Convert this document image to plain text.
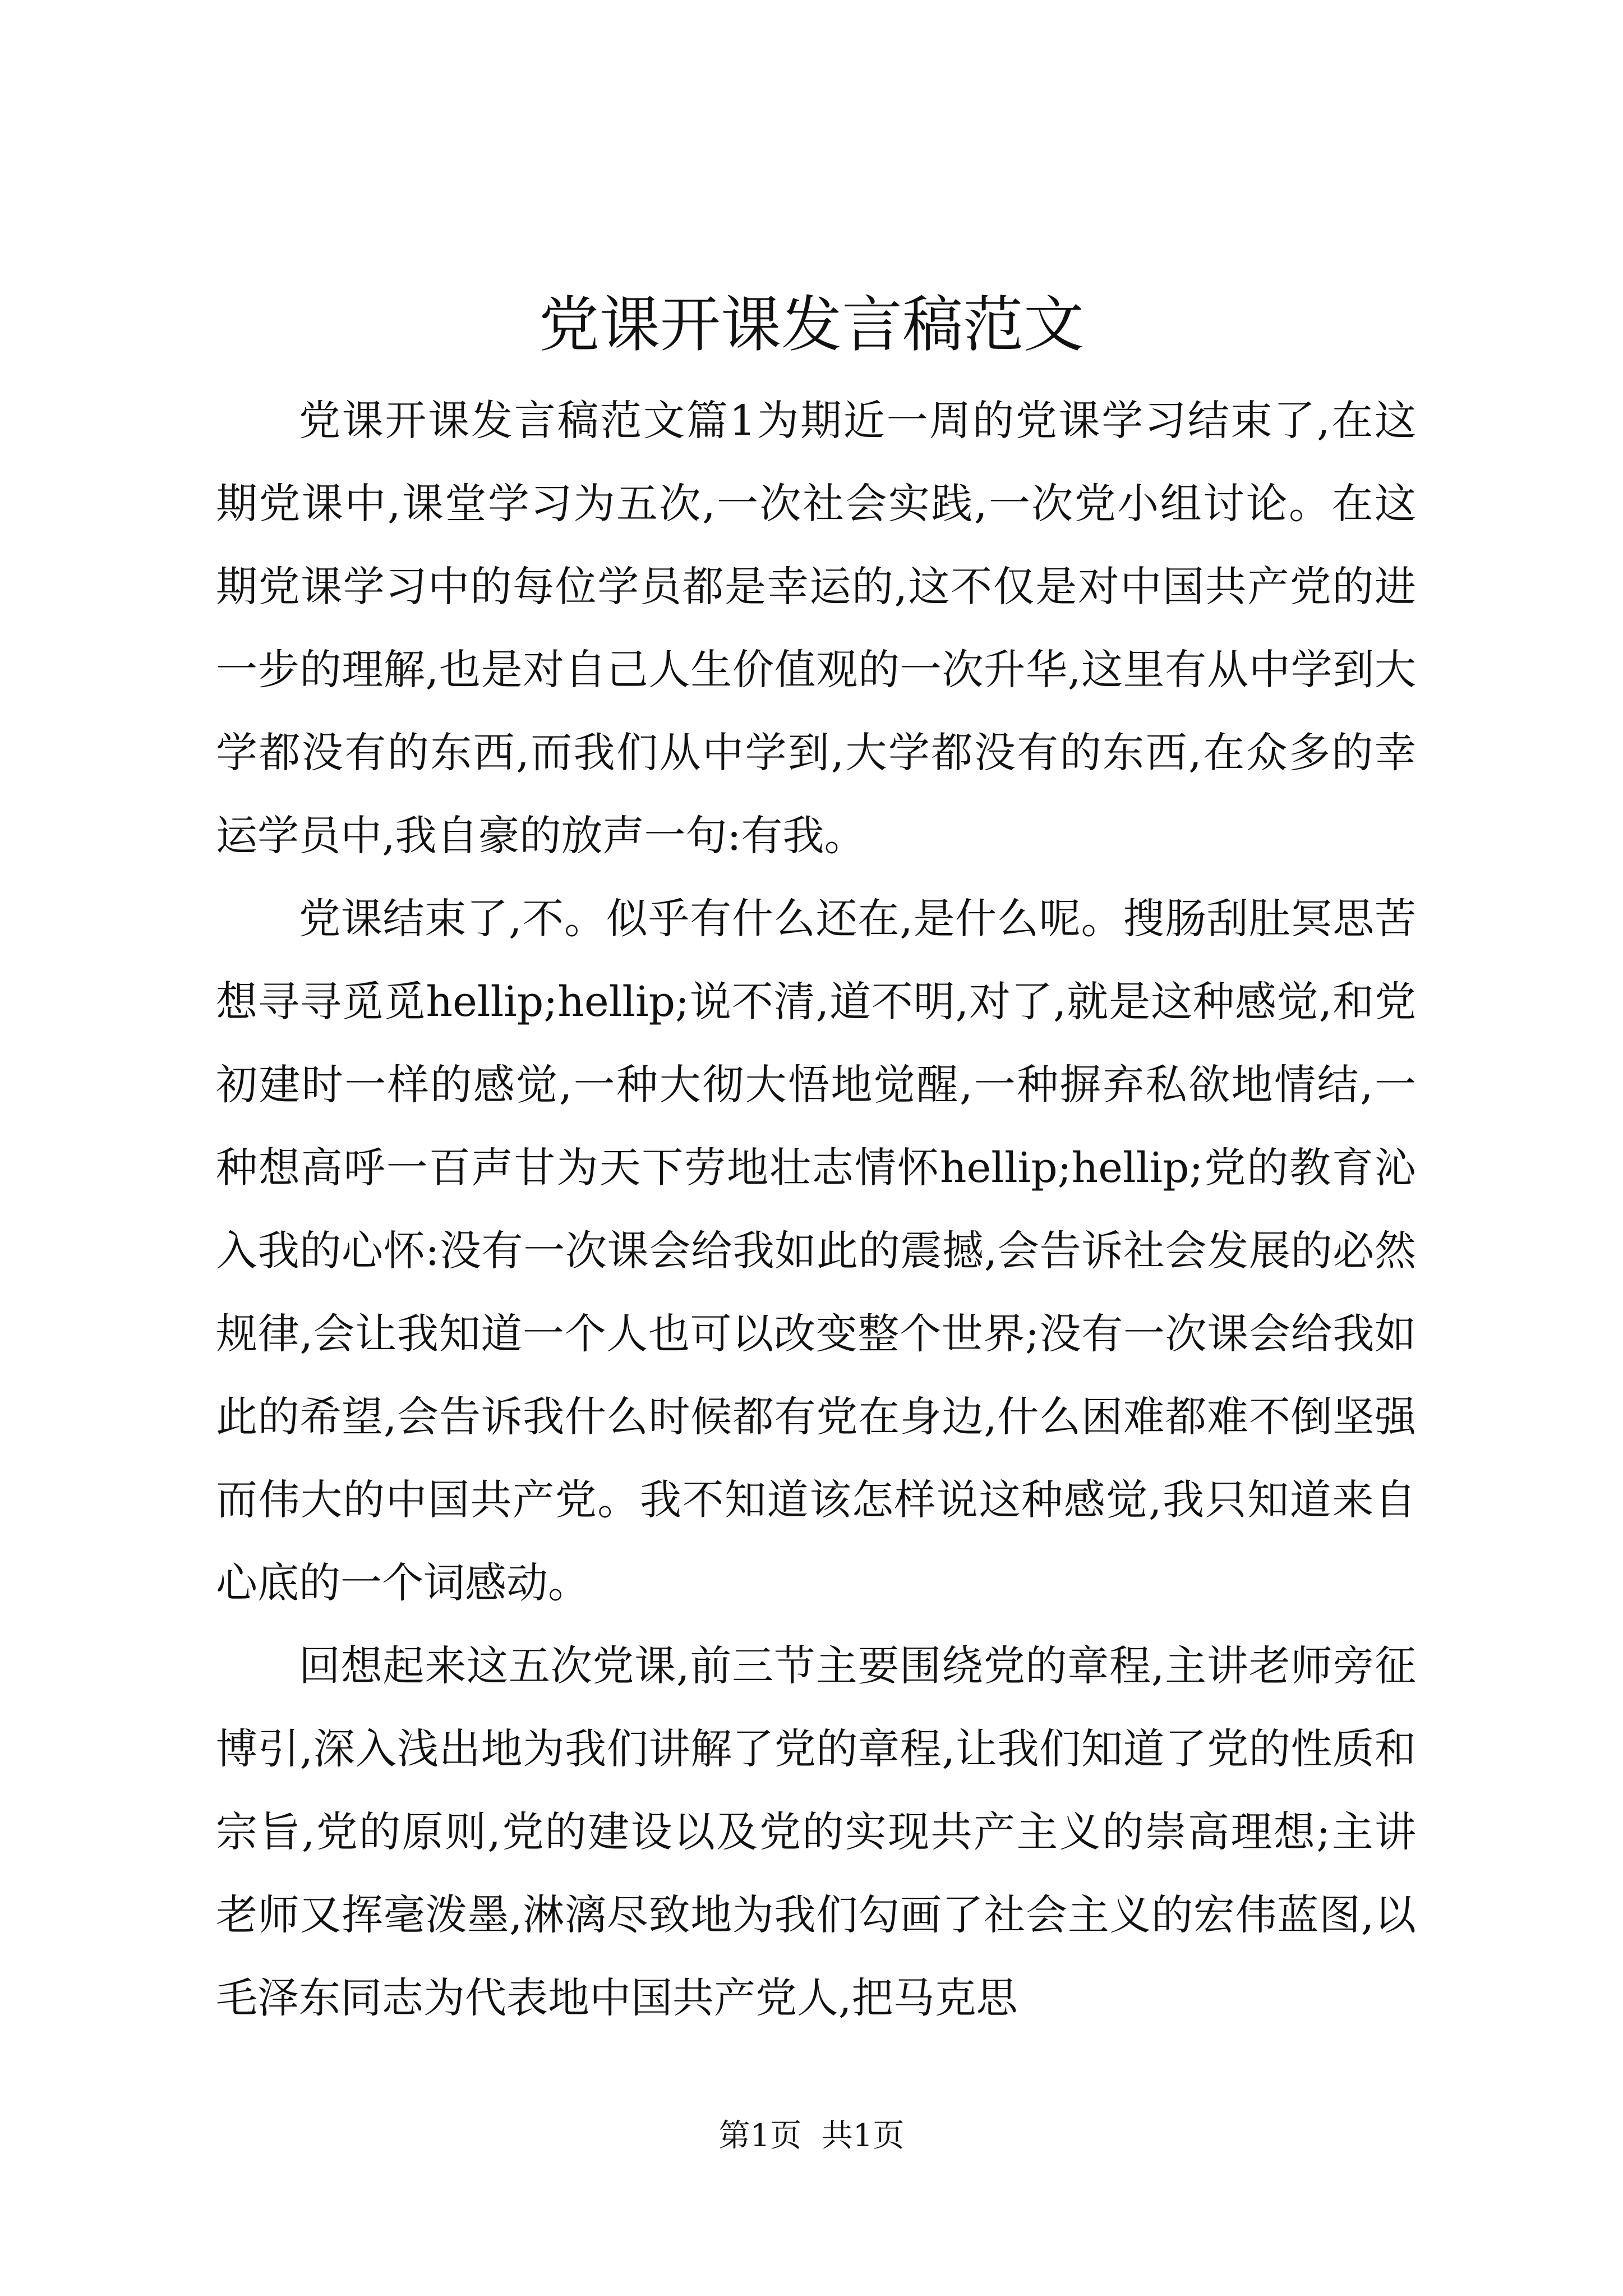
党课开课发言稿范文

党课开课发言稿范文篇1为期近一周的党课学习结束了,在这期党课中,课堂学习为五次,一次社会实践,一次党小组讨论。在这期党课学习中的每位学员都是幸运的,这不仅是对中国共产党的进一步的理解,也是对自己人生价值观的一次升华,这里有从中学到大学都没有的东西,而我们从中学到,大学都没有的东西,在众多的幸运学员中,我自豪的放声一句:有我。

党课结束了,不。似乎有什么还在,是什么呢。搜肠刮肚冥思苦想寻寻觅觅hellip;hellip;说不清,道不明,对了,就是这种感觉,和党初建时一样的感觉,一种大彻大悟地觉醒,一种摒弃私欲地情结,一种想高呼一百声甘为天下劳地壮志情怀hellip;hellip;党的教育沁入我的心怀:没有一次课会给我如此的震撼,会告诉社会发展的必然规律,会让我知道一个人也可以改变整个世界;没有一次课会给我如此的希望,会告诉我什么时候都有党在身边,什么困难都难不倒坚强而伟大的中国共产党。我不知道该怎样说这种感觉,我只知道来自心底的一个词感动。

回想起来这五次党课,前三节主要围绕党的章程,主讲老师旁征博引,深入浅出地为我们讲解了党的章程,让我们知道了党的性质和宗旨,党的原则,党的建设以及党的实现共产主义的崇高理想;主讲老师又挥毫泼墨,淋漓尽致地为我们勾画了社会主义的宏伟蓝图,以毛泽东同志为代表地中国共产党人,把马克思

第1页 共1页
